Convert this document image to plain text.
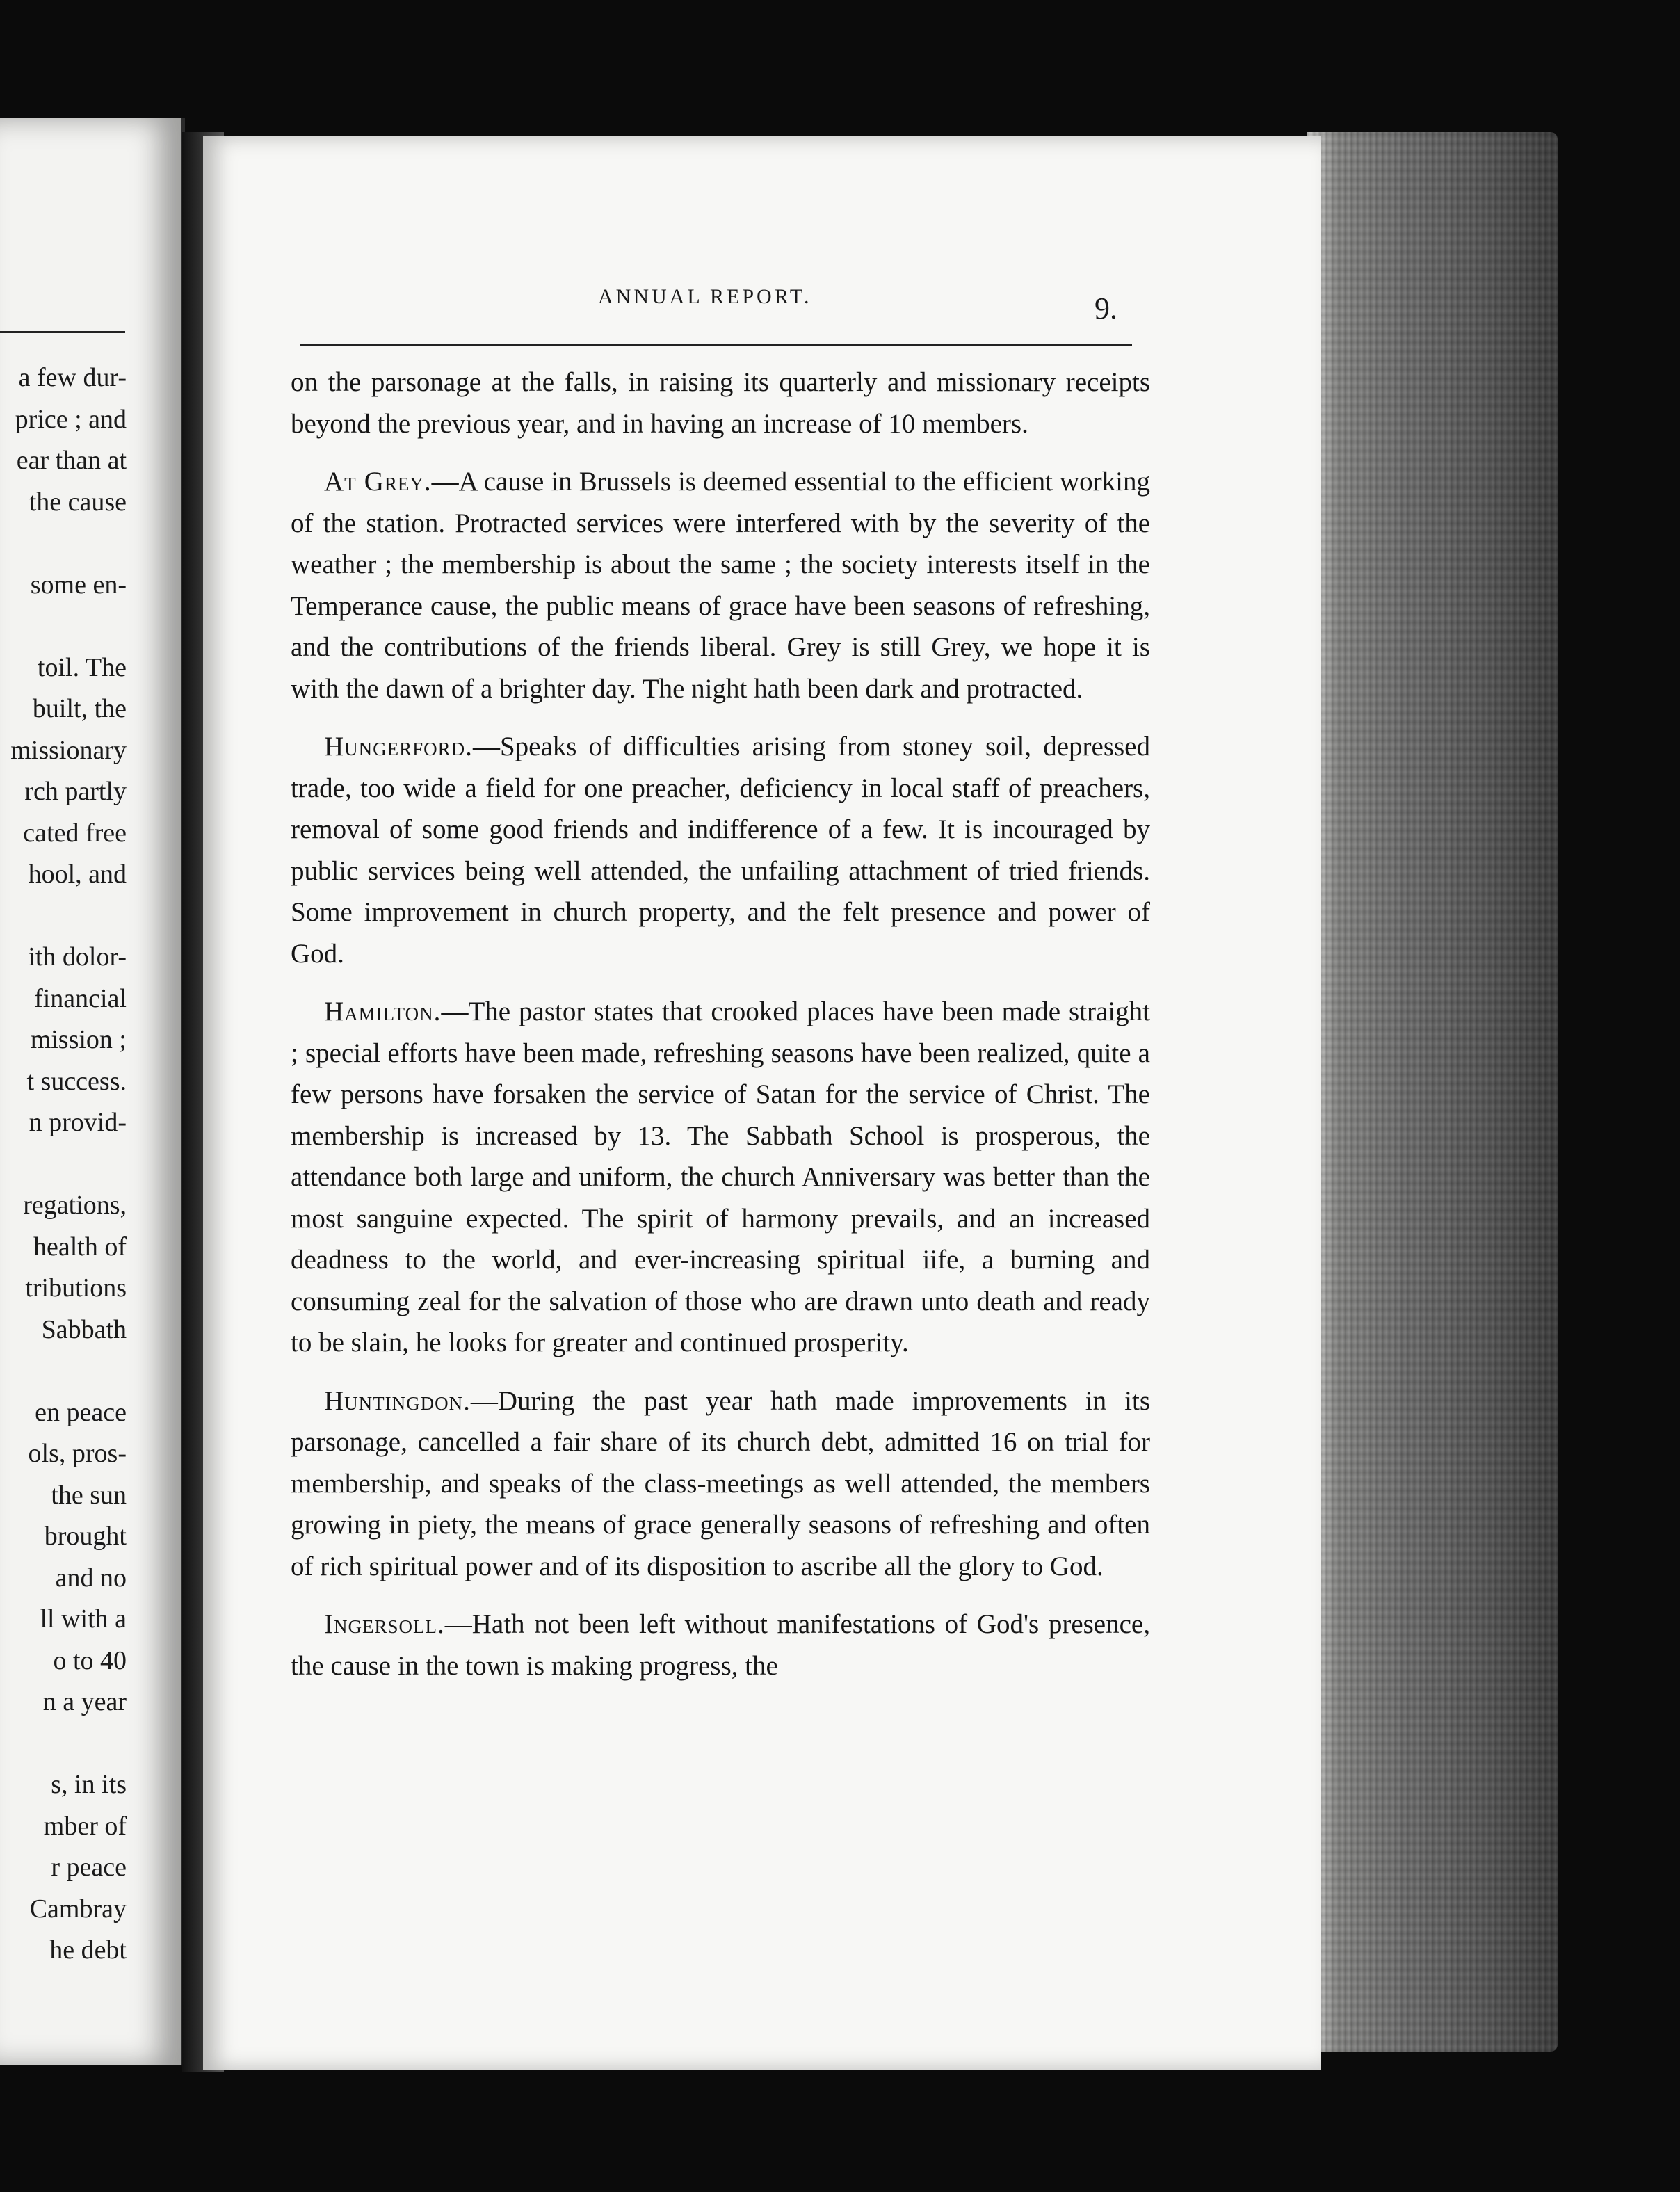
a few dur-
price ; and
ear than at
the cause
some en-
toil. The
built, the
missionary
rch partly
cated free
hool, and
ith dolor-
financial
mission ;
t success.
n provid-
regations,
health of
tributions
Sabbath
en peace
ols, pros-
the sun
brought
and no
ll with a
o to 40
n a year
s, in its
mber of
r peace
Cambray
he debt
ANNUAL REPORT.	9.

on the parsonage at the falls, in raising its quarterly and missionary receipts beyond the previous year, and in having an increase of 10 members.

At Grey.—A cause in Brussels is deemed essential to the efficient working of the station. Protracted services were interfered with by the severity of the weather ; the membership is about the same ; the society interests itself in the Temperance cause, the public means of grace have been seasons of refreshing, and the contributions of the friends liberal. Grey is still Grey, we hope it is with the dawn of a brighter day. The night hath been dark and protracted.

Hungerford.—Speaks of difficulties arising from stoney soil, depressed trade, too wide a field for one preacher, deficiency in local staff of preachers, removal of some good friends and indifference of a few. It is incouraged by public services being well attended, the unfailing attachment of tried friends. Some improvement in church property, and the felt presence and power of God.

Hamilton.—The pastor states that crooked places have been made straight ; special efforts have been made, refreshing seasons have been realized, quite a few persons have forsaken the service of Satan for the service of Christ. The membership is increased by 13. The Sabbath School is prosperous, the attendance both large and uniform, the church Anniversary was better than the most sanguine expected. The spirit of harmony prevails, and an increased deadness to the world, and ever-increasing spiritual iife, a burning and consuming zeal for the salvation of those who are drawn unto death and ready to be slain, he looks for greater and continued prosperity.

Huntingdon.—During the past year hath made improvements in its parsonage, cancelled a fair share of its church debt, admitted 16 on trial for membership, and speaks of the class-meetings as well attended, the members growing in piety, the means of grace generally seasons of refreshing and often of rich spiritual power and of its disposition to ascribe all the glory to God.

Ingersoll.—Hath not been left without manifestations of God's presence, the cause in the town is making progress, the
